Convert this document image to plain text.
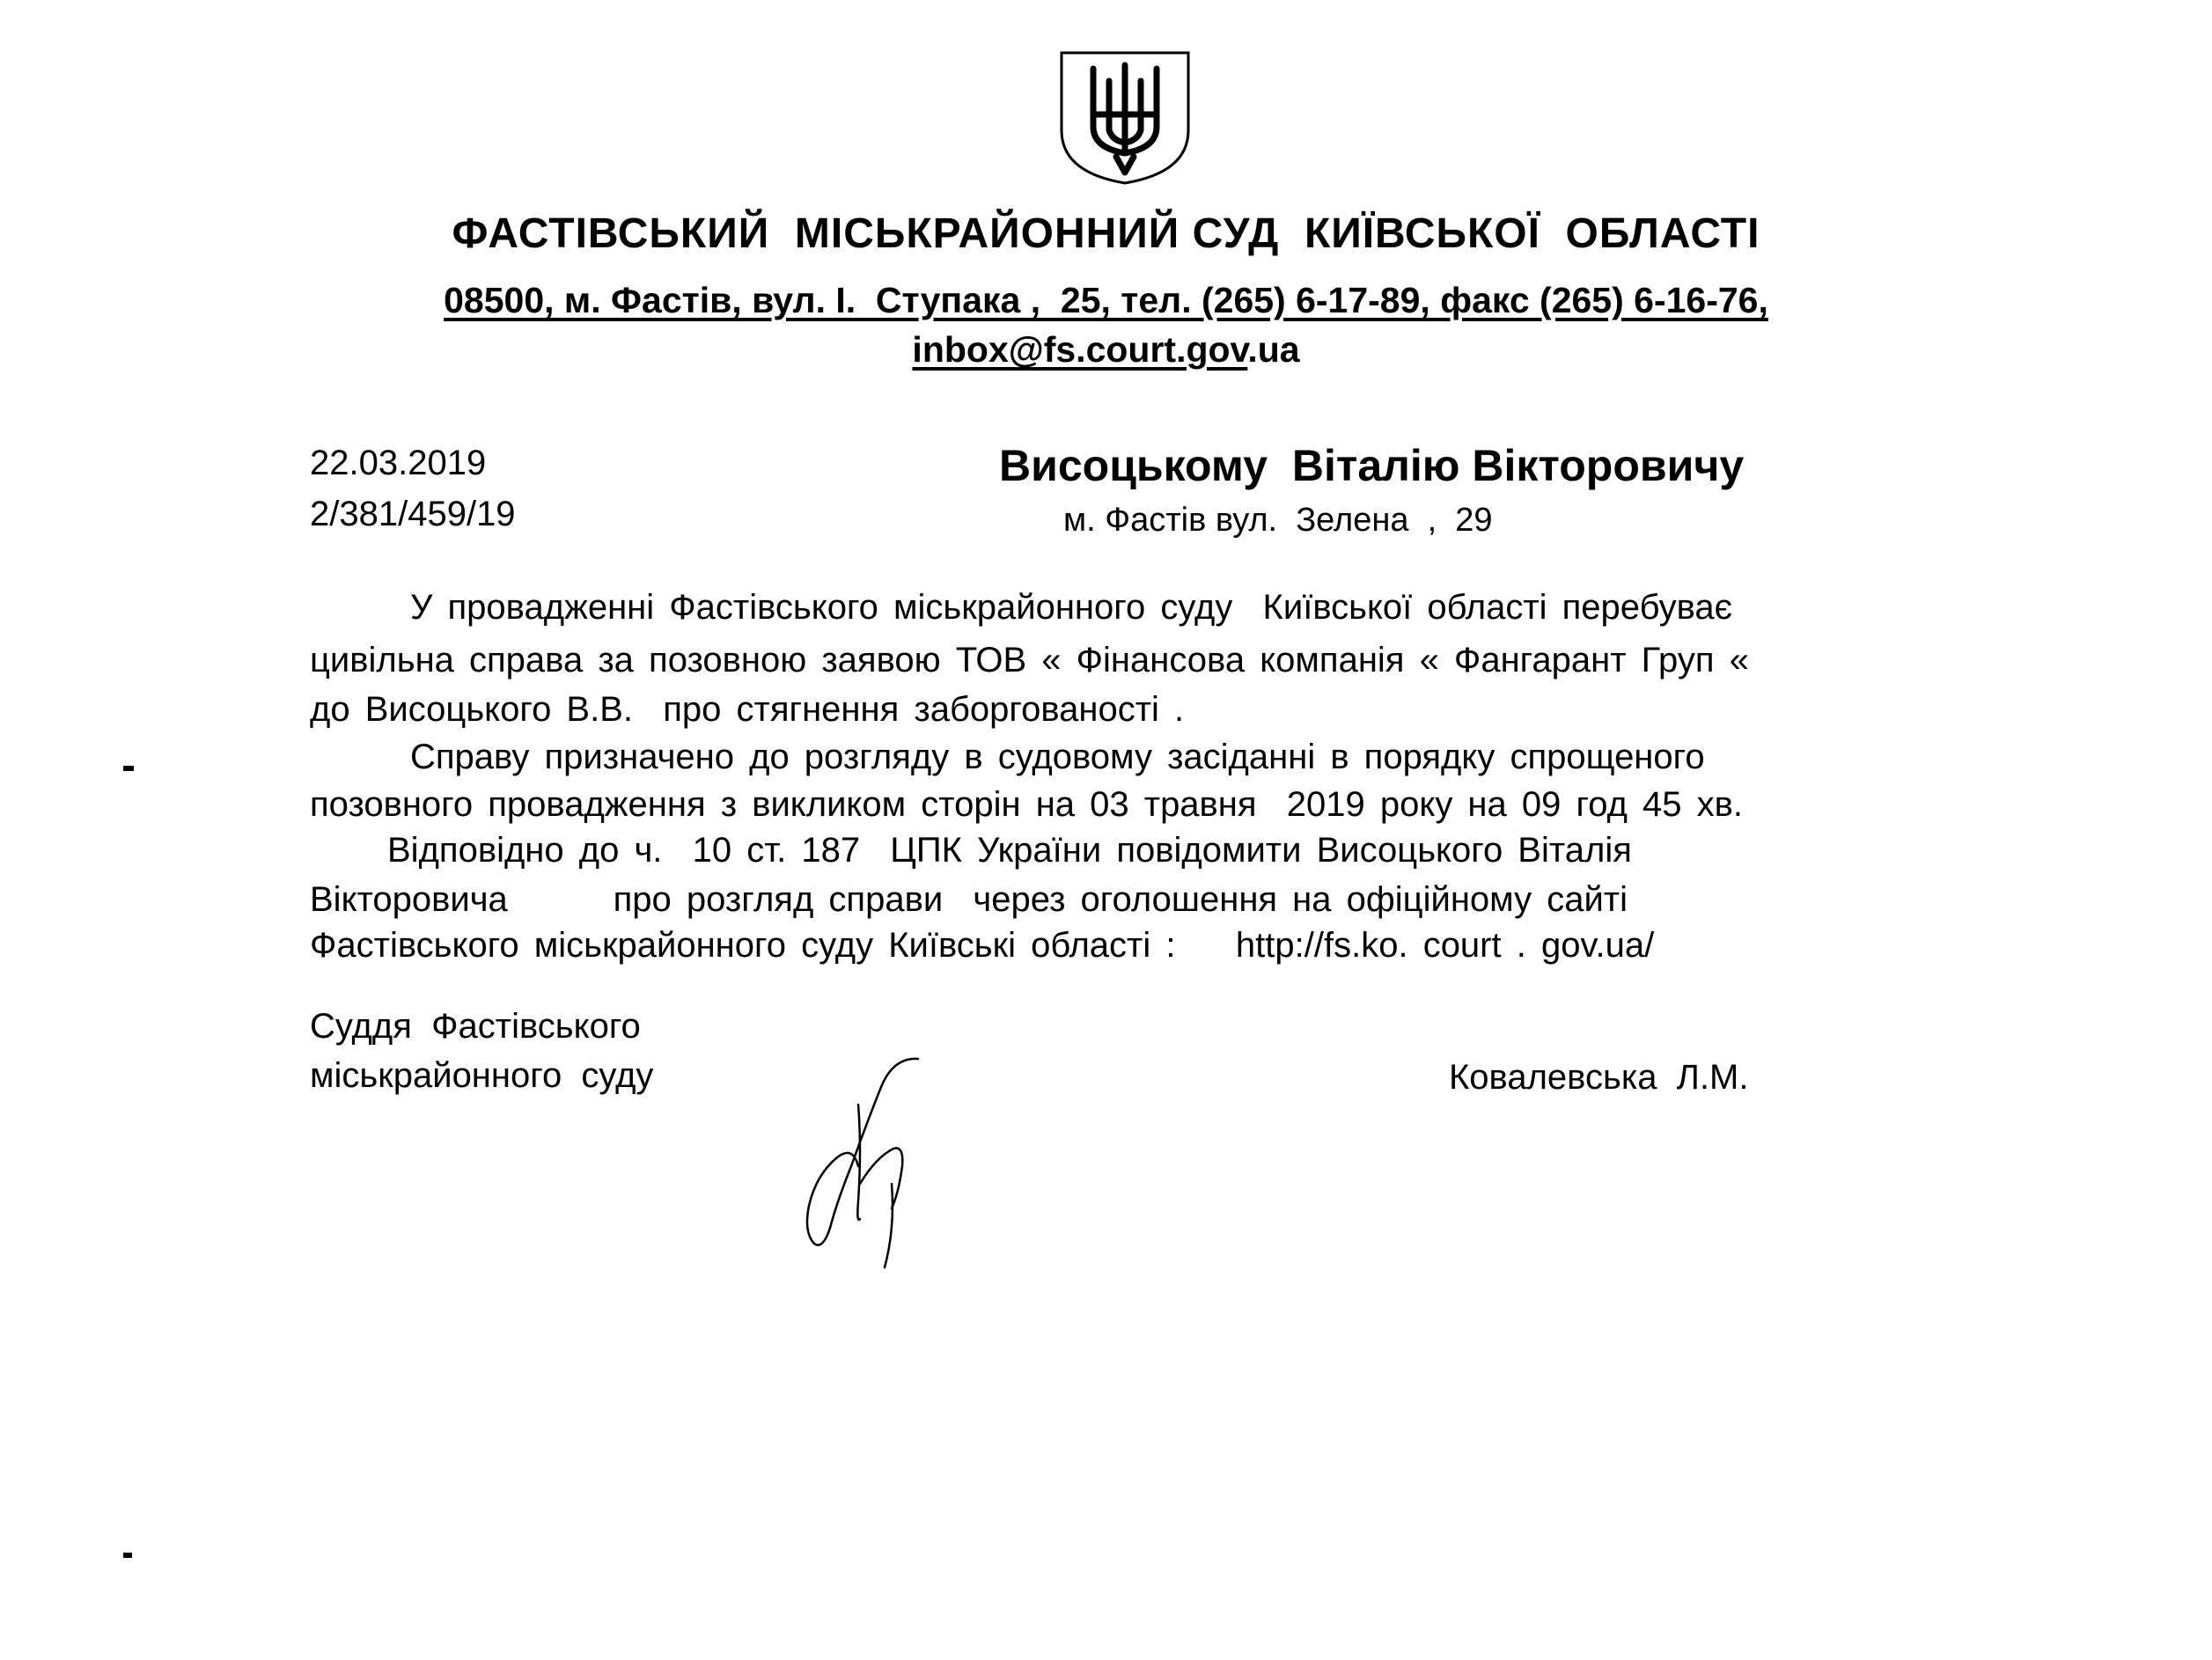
ФАСТІВСЬКИЙ  МІСЬКРАЙОННИЙ СУД  КИЇВСЬКОЇ  ОБЛАСТІ
08500, м. Фастів, вул. І.  Ступака ,  25, тел. (265) 6-17-89, факс (265) 6-16-76,
inbox@fs.court.gov.ua
22.03.2019
2/381/459/19
Висоцькому  Віталію Вікторовичу
м. Фастів вул.  Зелена  ,  29
У провадженні Фастівського міськрайонного суду  Київської області перебуває
цивільна справа за позовною заявою ТОВ « Фінансова компанія « Фангарант Груп «
до Висоцького В.В.  про стягнення заборгованості .
Справу призначено до розгляду в судовому засіданні в порядку спрощеного
позовного провадження з викликом сторін на 03 травня  2019 року на 09 год 45 хв.
Відповідно до ч.  10 ст. 187  ЦПК України повідомити Висоцького Віталія
Вікторовича       про розгляд справи  через оголошення на офіційному сайті
Фастівського міськрайонного суду Київські області :    http://fs.ko. court . gov.ua/
Суддя  Фастівського
міськрайонного  суду	Ковалевська  Л.М.
